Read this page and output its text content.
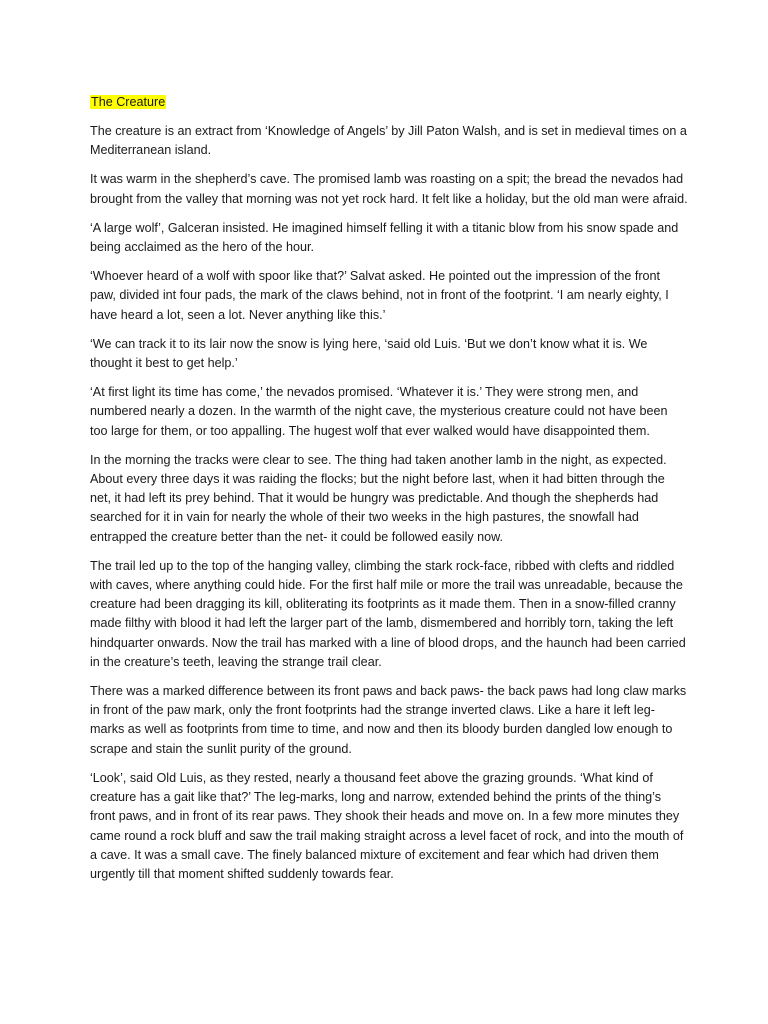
The Creature

The creature is an extract from ‘Knowledge of Angels’ by Jill Paton Walsh, and is set in medieval times on a Mediterranean island.

It was warm in the shepherd’s cave. The promised lamb was roasting on a spit; the bread the nevados had brought from the valley that morning was not yet rock hard. It felt like a holiday, but the old man were afraid.

‘A large wolf’, Galceran insisted. He imagined himself felling it with a titanic blow from his snow spade and being acclaimed as the hero of the hour.

‘Whoever heard of a wolf with spoor like that?’ Salvat asked. He pointed out the impression of the front paw, divided int four pads, the mark of the claws behind, not in front of the footprint. ‘I am nearly eighty, I have heard a lot, seen a lot. Never anything like this.’

‘We can track it to its lair now the snow is lying here, ‘said old Luis. ‘But we don’t know what it is. We thought it best to get help.’

‘At first light its time has come,’ the nevados promised. ‘Whatever it is.’ They were strong men, and numbered nearly a dozen. In the warmth of the night cave, the mysterious creature could not have been too large for them, or too appalling. The hugest wolf that ever walked would have disappointed them.

In the morning the tracks were clear to see. The thing had taken another lamb in the night, as expected. About every three days it was raiding the flocks; but the night before last, when it had bitten through the net, it had left its prey behind. That it would be hungry was predictable. And though the shepherds had searched for it in vain for nearly the whole of their two weeks in the high pastures, the snowfall had entrapped the creature better than the net- it could be followed easily now.

The trail led up to the top of the hanging valley, climbing the stark rock-face, ribbed with clefts and riddled with caves, where anything could hide. For the first half mile or more the trail was unreadable, because the creature had been dragging its kill, obliterating its footprints as it made them. Then in a snow-filled cranny made filthy with blood it had left the larger part of the lamb, dismembered and horribly torn, taking the left hindquarter onwards. Now the trail has marked with a line of blood drops, and the haunch had been carried in the creature’s teeth, leaving the strange trail clear.

There was a marked difference between its front paws and back paws- the back paws had long claw marks in front of the paw mark, only the front footprints had the strange inverted claws. Like a hare it left leg-marks as well as footprints from time to time, and now and then its bloody burden dangled low enough to scrape and stain the sunlit purity of the ground.

‘Look’, said Old Luis, as they rested, nearly a thousand feet above the grazing grounds. ‘What kind of creature has a gait like that?’ The leg-marks, long and narrow, extended behind the prints of the thing’s front paws, and in front of its rear paws. They shook their heads and move on. In a few more minutes they came round a rock bluff and saw the trail making straight across a level facet of rock, and into the mouth of a cave. It was a small cave. The finely balanced mixture of excitement and fear which had driven them urgently till that moment shifted suddenly towards fear.
